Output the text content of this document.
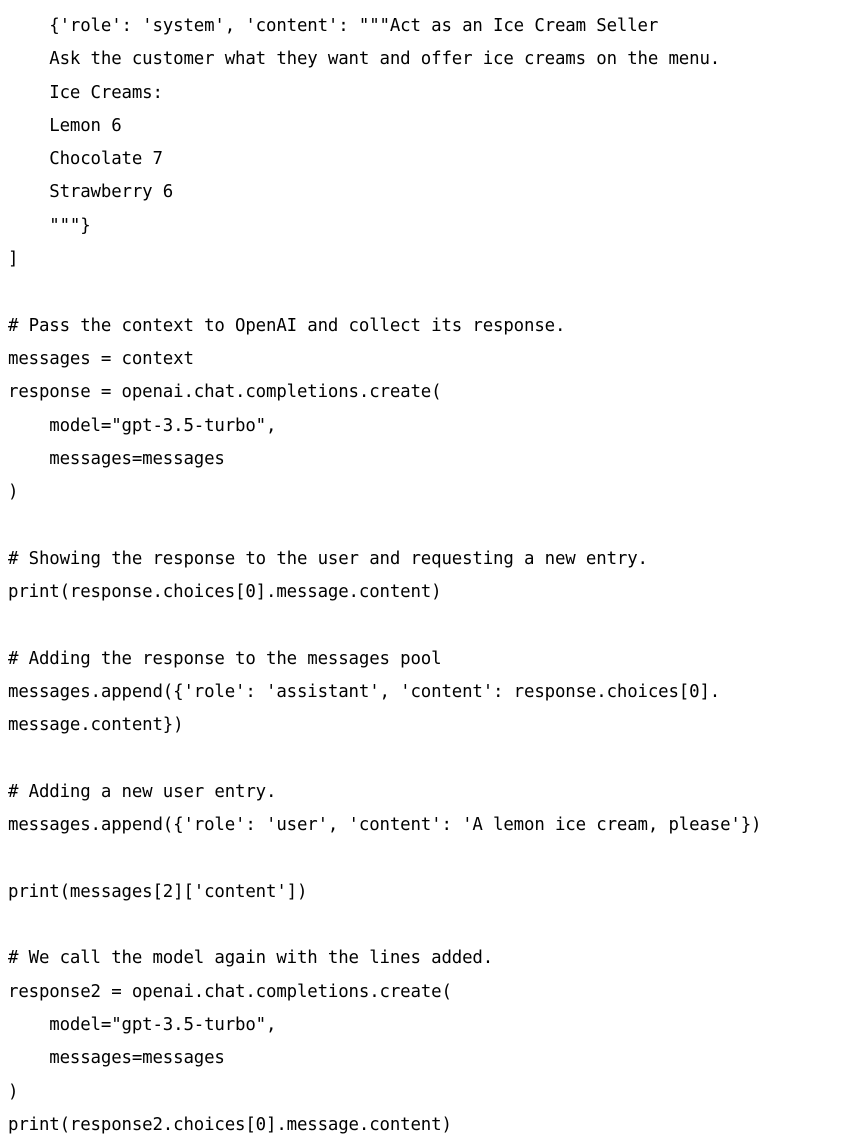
{'role': 'system', 'content': """Act as an Ice Cream Seller
Ask the customer what they want and offer ice creams on the menu.
Ice Creams:
Lemon 6
Chocolate 7
Strawberry 6
"""}
]
# Pass the context to OpenAI and collect its response.
messages = context
response = openai.chat.completions.create(
model="gpt-3.5-turbo",
messages=messages
)
# Showing the response to the user and requesting a new entry.
print(response.choices[0].message.content)
# Adding the response to the messages pool
messages.append({'role': 'assistant', 'content': response.choices[0].
message.content})
# Adding a new user entry.
messages.append({'role': 'user', 'content': 'A lemon ice cream, please'})
print(messages[2]['content'])
# We call the model again with the lines added.
response2 = openai.chat.completions.create(
model="gpt-3.5-turbo",
messages=messages
)
print(response2.choices[0].message.content)
